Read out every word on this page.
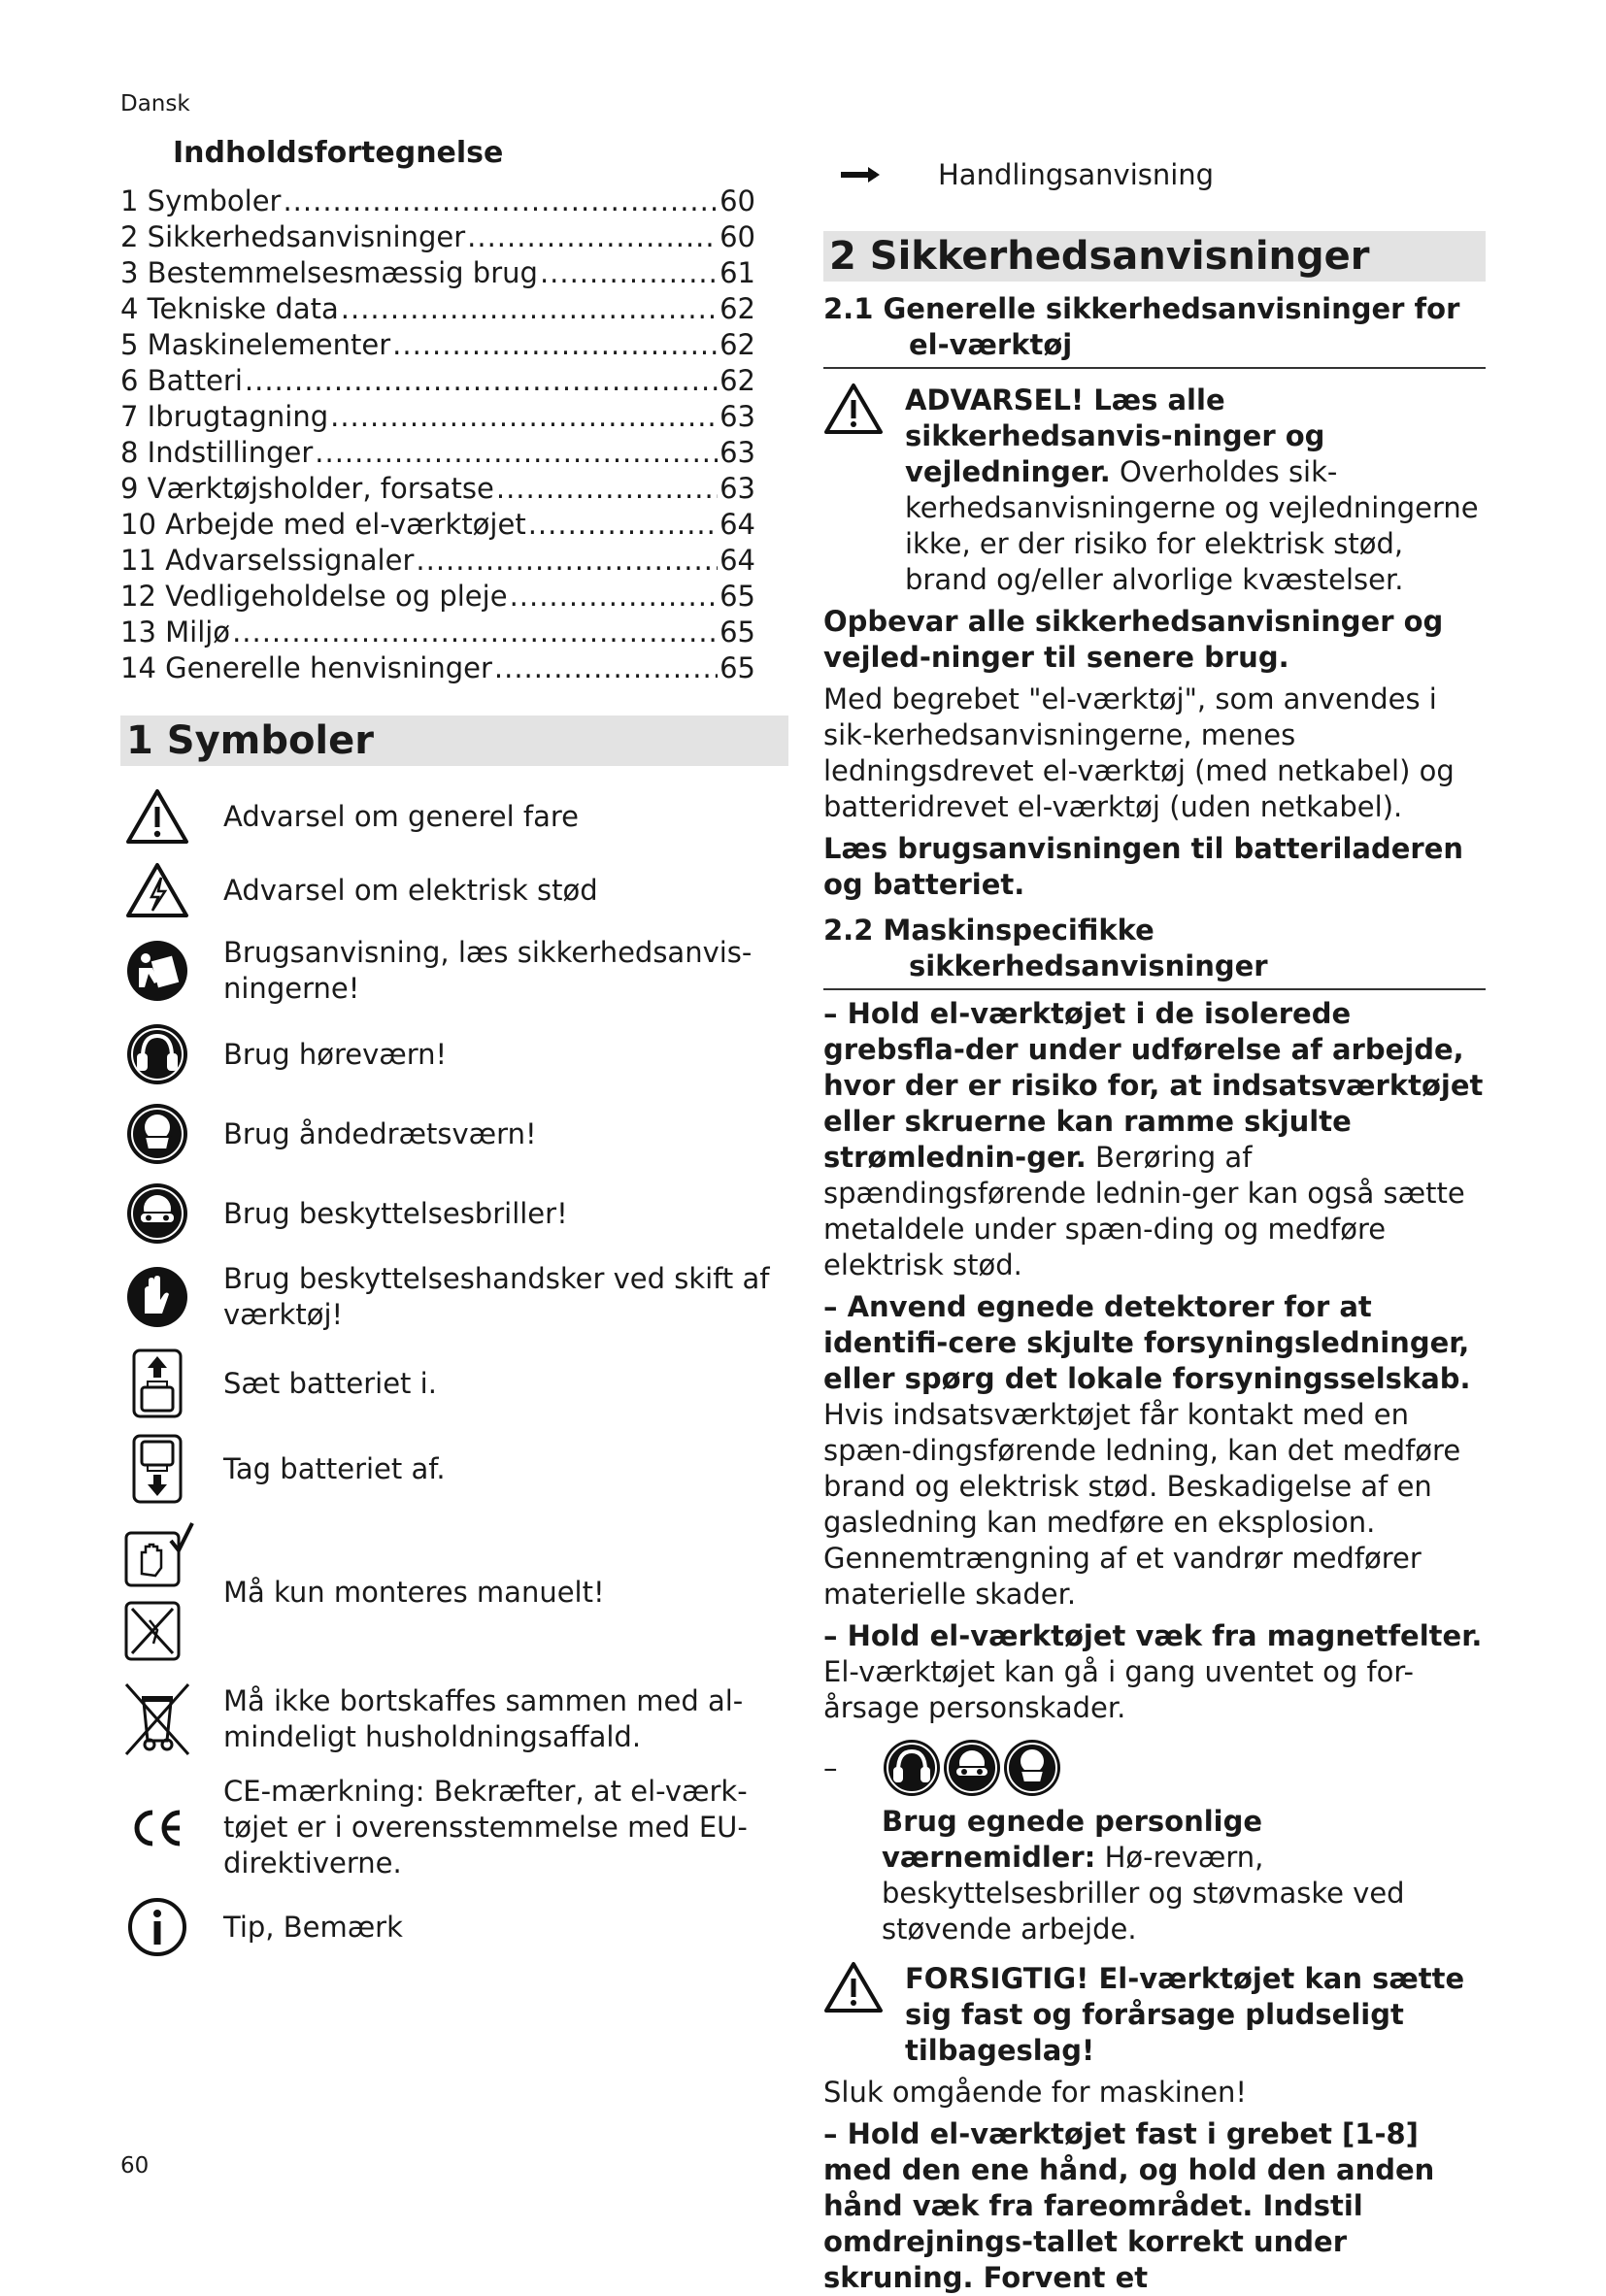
Dansk
Indholdsfortegnelse
1 Symboler .....	60
2 Sikkerhedsanvisninger .....	60
3 Bestemmelsesmæssig brug .....	61
4 Tekniske data .....	62
5 Maskinelementer .....	62
6 Batteri .....	62
7 Ibrugtagning .....	63
8 Indstillinger .....	63
9 Værktøjsholder, forsatse .....	63
10 Arbejde med el-værktøjet .....	64
11 Advarselssignaler .....	64
12 Vedligeholdelse og pleje .....	65
13 Miljø .....	65
14 Generelle henvisninger .....	65
1 Symboler
Advarsel om generel fare
Advarsel om elektrisk stød
Brugsanvisning, læs sikkerhedsanvis-ningerne!
Brug høreværn!
Brug åndedrætsværn!
Brug beskyttelsesbriller!
Brug beskyttelseshandsker ved skift af værktøj!
Sæt batteriet i.
Tag batteriet af.
Må kun monteres manuelt!
Må ikke bortskaffes sammen med al-mindeligt husholdningsaffald.
CE-mærkning: Bekræfter, at el-værk-tøjet er i overensstemmelse med EU-direktiverne.
Tip, Bemærk
Handlingsanvisning
2 Sikkerhedsanvisninger
2.1 Generelle sikkerhedsanvisninger for
el-værktøj
ADVARSEL! Læs alle sikkerhedsanvis-ninger og vejledninger. Overholdes sik-kerhedsanvisningerne og vejledningerne ikke, er der risiko for elektrisk stød, brand og/eller alvorlige kvæstelser.
Opbevar alle sikkerhedsanvisninger og vejled-ninger til senere brug.
Med begrebet "el-værktøj", som anvendes i sik-kerhedsanvisningerne, menes ledningsdrevet el-værktøj (med netkabel) og batteridrevet el-værktøj (uden netkabel).
Læs brugsanvisningen til batteriladeren og batteriet.
2.2 Maskinspecifikke
sikkerhedsanvisninger
– Hold el-værktøjet i de isolerede grebsfla-der under udførelse af arbejde, hvor der er risiko for, at indsatsværktøjet eller skruerne kan ramme skjulte strømlednin-ger. Berøring af spændingsførende lednin-ger kan også sætte metaldele under spæn-ding og medføre elektrisk stød.
– Anvend egnede detektorer for at identifi-cere skjulte forsyningsledninger, eller spørg det lokale forsyningsselskab. Hvis indsatsværktøjet får kontakt med en spæn-dingsførende ledning, kan det medføre brand og elektrisk stød. Beskadigelse af en gasledning kan medføre en eksplosion. Gennemtrængning af et vandrør medfører materielle skader.
– Hold el-værktøjet væk fra magnetfelter. El-værktøjet kan gå i gang uventet og for-årsage personskader.
–
Brug egnede personlige værnemidler: Hø-reværn, beskyttelsesbriller og støvmaske ved støvende arbejde.
FORSIGTIG! El-værktøjet kan sætte sig fast og forårsage pludseligt tilbageslag!
Sluk omgående for maskinen!
– Hold el-værktøjet fast i grebet [1-8] med den ene hånd, og hold den anden hånd væk fra fareområdet. Indstil omdrejnings-tallet korrekt under skruning. Forvent et
60
